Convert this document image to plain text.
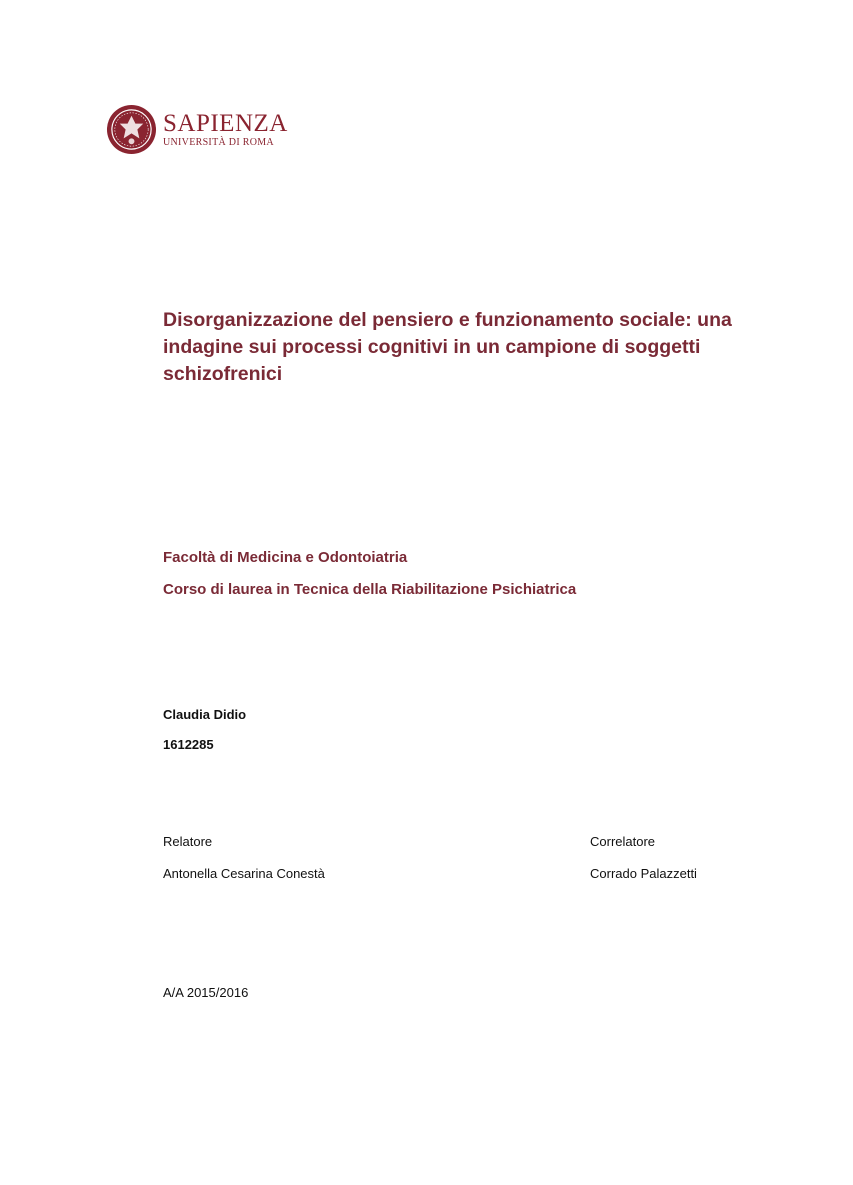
SAPIENZA
UNIVERSITÀ DI ROMA
Disorganizzazione del pensiero e funzionamento sociale: una indagine sui processi cognitivi in un campione di soggetti schizofrenici
Facoltà di Medicina e Odontoiatria
Corso di laurea in Tecnica della Riabilitazione Psichiatrica
Claudia Didio
1612285
Relatore
Antonella Cesarina Conestà
Correlatore
Corrado Palazzetti
A/A 2015/2016
